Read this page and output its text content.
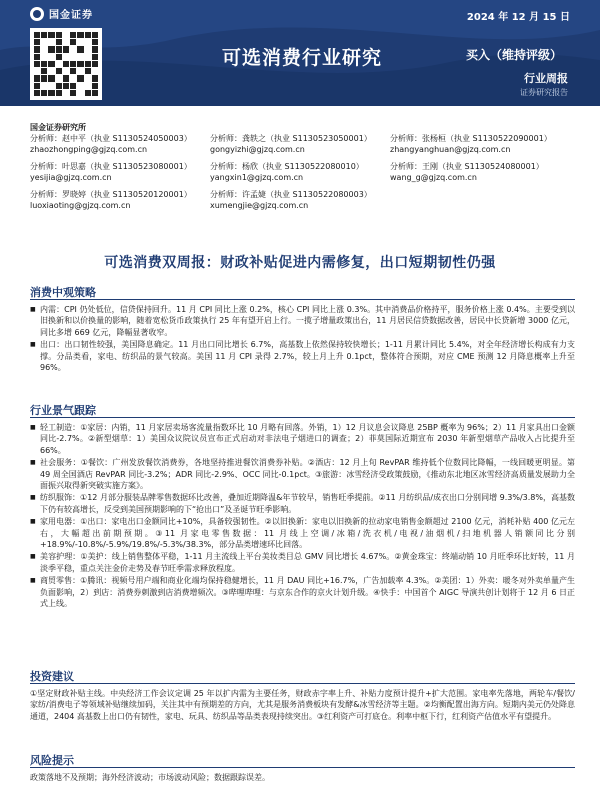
国金证券	2024 年 12 月 15 日
可选消费行业研究	买入（维持评级）
行业周报
证券研究报告
国金证券研究所
分析师：赵中平（执业 S1130524050003）
zhaozhongping@gjzq.com.cn
分析师：龚轶之（执业 S1130523050001）
gongyizhi@gjzq.com.cn
分析师：张杨桓（执业 S1130522090001）
zhangyanghuan@gjzq.com.cn
分析师：叶思嘉（执业 S1130523080001）
yesijia@gjzq.com.cn
分析师：杨欣（执业 S1130522080010）
yangxin1@gjzq.com.cn
分析师：王刚（执业 S1130524080001）
wang_g@gjzq.com.cn
分析师：罗晓婷（执业 S1130520120001）
luoxiaoting@gjzq.com.cn
分析师：许孟婕（执业 S1130522080003）
xumengjie@gjzq.com.cn
可选消费双周报：财政补贴促进内需修复，出口短期韧性仍强
消费中观策略
■ 内需：CPI 仍处低位，信贷保持回升。11 月 CPI 同比上涨 0.2%，核心 CPI 同比上涨 0.3%。其中消费品价格持平，服务价格上涨 0.4%。主要受到以旧换新和以价换量的影响，随着宽松货币政策执行 25 年有望开启上行。一揽子增量政策出台，11 月居民信贷数据改善，居民中长贷新增 3000 亿元，同比多增 669 亿元，降幅显著收窄。
■ 出口：出口韧性较强，美国降息确定。11 月出口同比增长 6.7%，高基数上依然保持较快增长；1-11 月累计同比 5.4%，对全年经济增长构成有力支撑。分品类看，家电、纺织品的景气较高。美国 11 月 CPI 录得 2.7%，较上月上升 0.1pct，整体符合预期，对应 CME 预测 12 月降息概率上升至 96%。
行业景气跟踪
■ 轻工制造：①家居：内销，11 月家居卖场客流量指数环比 10 月略有回落。外销，1）12 月议息会议降息 25BP 概率为 96%；2）11 月家具出口金额同比-2.7%。②新型烟草：1）美国众议院议员宣布正式启动对非法电子烟进口的调查；2）菲莫国际近期宣布 2030 年新型烟草产品收入占比提升至 66%。
■ 社会服务：①餐饮：广州发放餐饮消费券，各地坚持推进餐饮消费券补贴。②酒店：12 月上旬 RevPAR 维持低个位数同比降幅，一线回暖更明显。第 49 周全国酒店 RevPAR 同比-3.2%；ADR 同比-2.9%、OCC 同比-0.1pct。③旅游：冰雪经济受政策鼓励，《推动东北地区冰雪经济高质量发展助力全面振兴取得新突破实施方案》。
■ 纺织服饰：①12 月部分服装品牌零售数据环比改善，叠加近期降温&年节较早，销售旺季提前。②11 月纺织品/成衣出口分别同增 9.3%/3.8%，高基数下仍有较高增长，反受到美国预期影响的下“抢出口”及圣诞节旺季影响。
■ 家用电器：①出口：家电出口金额同比+10%，具备较强韧性。②以旧换新：家电以旧换新的拉动家电销售金额超过 2100 亿元，消耗补贴 400 亿元左右，大幅超出前期预期。③11 月家电零售数据：11 月线上空调/冰箱/洗衣机/电视/油烟机/扫地机器人销额同比分别+18.9%/-10.8%/-5.9%/19.8%/-5.3%/38.3%，部分品类增速环比回落。
■ 美容护理：①美护：线上销售整体平稳，1-11 月主流线上平台美妆类目总 GMV 同比增长 4.67%。②黄金珠宝：终端动销 10 月旺季环比好转，11 月淡季平稳，重点关注金价走势及春节旺季需求释放程度。
■ 商贸零售：①腾讯：视频号用户端和商业化端均保持稳健增长，11 月 DAU 同比+16.7%，广告加载率 4.3%。②美团：1）外卖：暖冬对外卖单量产生负面影响，2）到店：消费券刺激到店消费增频次。③哔哩哔哩：与京东合作的京火计划升级。④快手：中国首个 AIGC 导演共创计划将于 12 月 6 日正式上线。
投资建议
①坚定财政补贴主线。中央经济工作会议定调 25 年以扩内需为主要任务，财政赤字率上升、补贴力度预计提升+扩大范围。家电率先落地，两轮车/餐饮/家纺/消费电子等领域补贴继续加码，关注其中有预期差的方向，尤其是服务消费板块有发酵&冰雪经济等主题。②均衡配置出海方向。短期内美元仍处降息通道，2404 高基数上出口仍有韧性，家电、玩具、纺织品等品类表现持续突出。③红利资产可打底仓。利率中枢下行，红利资产估值水平有望提升。
风险提示
政策落地不及预期；海外经济波动；市场波动风险；数据跟踪误差。
